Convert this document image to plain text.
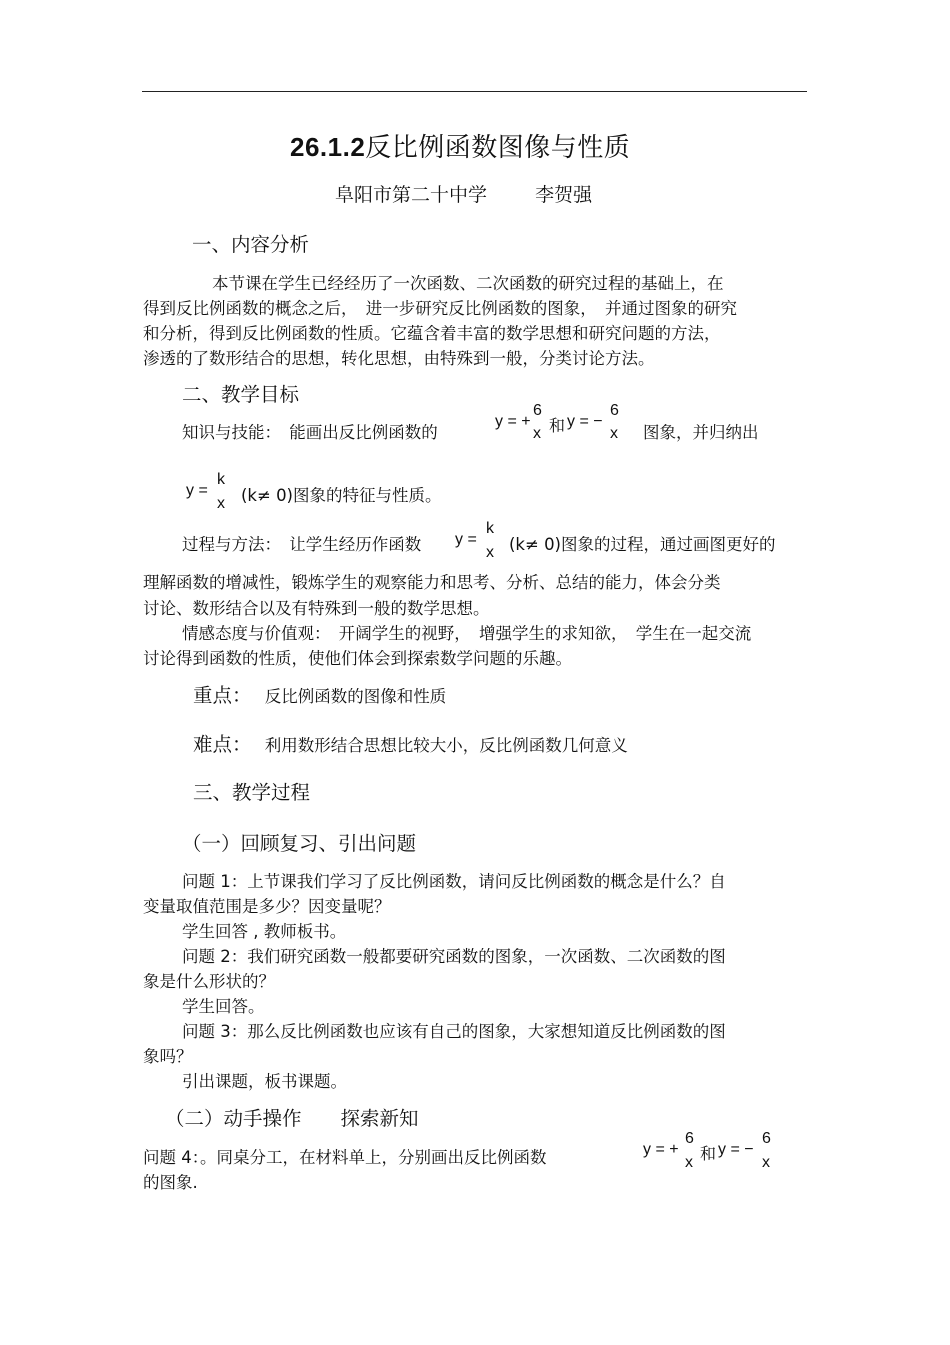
26.1.2反比例函数图像与性质
阜阳市第二十中学	李贺强
一、内容分析
本节课在学生已经经历了一次函数、二次函数的研究过程的基础上，在
得到反比例函数的概念之后，　进一步研究反比例函数的图象，　并通过图象的研究
和分析，得到反比例函数的性质。它蕴含着丰富的数学思想和研究问题的方法，
渗透的了数形结合的思想，转化思想，由特殊到一般，分类讨论方法。
二、教学目标
知识与技能：　能画出反比例函数的
y = +
6
x 和 y = −
6
x 图象，并归纳出
y =
k
x (k≠ 0)图象的特征与性质。
过程与方法：　让学生经历作函数 y =
k
x (k≠ 0)图象的过程，通过画图更好的
理解函数的增减性，锻炼学生的观察能力和思考、分析、总结的能力，体会分类
讨论、数形结合以及有特殊到一般的数学思想。
情感态度与价值观：　开阔学生的视野，　增强学生的求知欲，　学生在一起交流
讨论得到函数的性质，使他们体会到探索数学问题的乐趣。
重点： 反比例函数的图像和性质
难点： 利用数形结合思想比较大小，反比例函数几何意义
三、教学过程
（一）回顾复习、引出问题
问题 1：上节课我们学习了反比例函数，请问反比例函数的概念是什么？自
变量取值范围是多少？因变量呢？
学生回答 , 教师板书。
问题 2：我们研究函数一般都要研究函数的图象，一次函数、二次函数的图
象是什么形状的？
学生回答。
问题 3：那么反比例函数也应该有自己的图象，大家想知道反比例函数的图
象吗？
引出课题，板书课题。
（二）动手操作　　探索新知
问题 4：。同桌分工，在材料单上，分别画出反比例函数	y = +
6
x 和 y = −
6
x
的图象.
